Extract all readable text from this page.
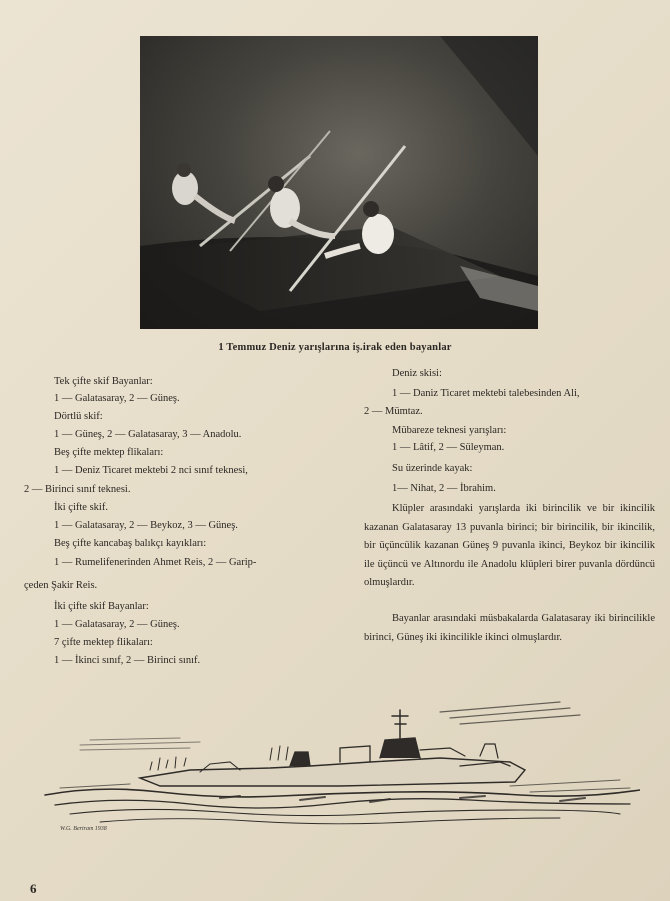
1 Temmuz Deniz yarışlarına iş.irak eden bayanlar
Tek çifte skif Bayanlar:
1 — Galatasaray, 2 — Güneş.
Dörtlü skif:
1 — Güneş, 2 — Galatasaray, 3 — Anadolu.
Beş çifte mektep flikaları:
1 — Deniz Ticaret mektebi 2 nci sınıf teknesi,
2 — Birinci sınıf teknesi.
İki çifte skif.
1 — Galatasaray, 2 — Beykoz, 3 — Güneş.
Beş çifte kancabaş balıkçı kayıkları:
1 — Rumelifenerinden Ahmet Reis, 2 — Garip-
çeden Şakir Reis.
İki çifte skif Bayanlar:
1 — Galatasaray, 2 — Güneş.
7 çifte mektep flikaları:
1 — İkinci sınıf, 2 — Birinci sınıf.
Deniz skisi:
1 — Daniz Ticaret mektebi talebesinden Ali,
2 — Mümtaz.
Mübareze teknesi yarışları:
1 — Lâtif, 2 — Süleyman.
Su üzerinde kayak:
1— Nihat, 2 — İbrahim.
Klüpler arasındaki yarışlarda iki birincilik ve bir ikincilik kazanan Galatasaray 13 puvanla birinci; bir birincilik, bir ikincilik, bir üçüncülik kazanan Güneş 9 puvanla ikinci, Beykoz bir ikincilik ile üçüncü ve Altınordu ile Anadolu klüpleri birer puvanla dördüncü olmuşlardır.
Bayanlar arasındaki müsbakalarda Galatasaray iki birincilikle birinci, Güneş iki ikincilikle ikinci olmuşlardır.
W.G. Bertram 1938
6
